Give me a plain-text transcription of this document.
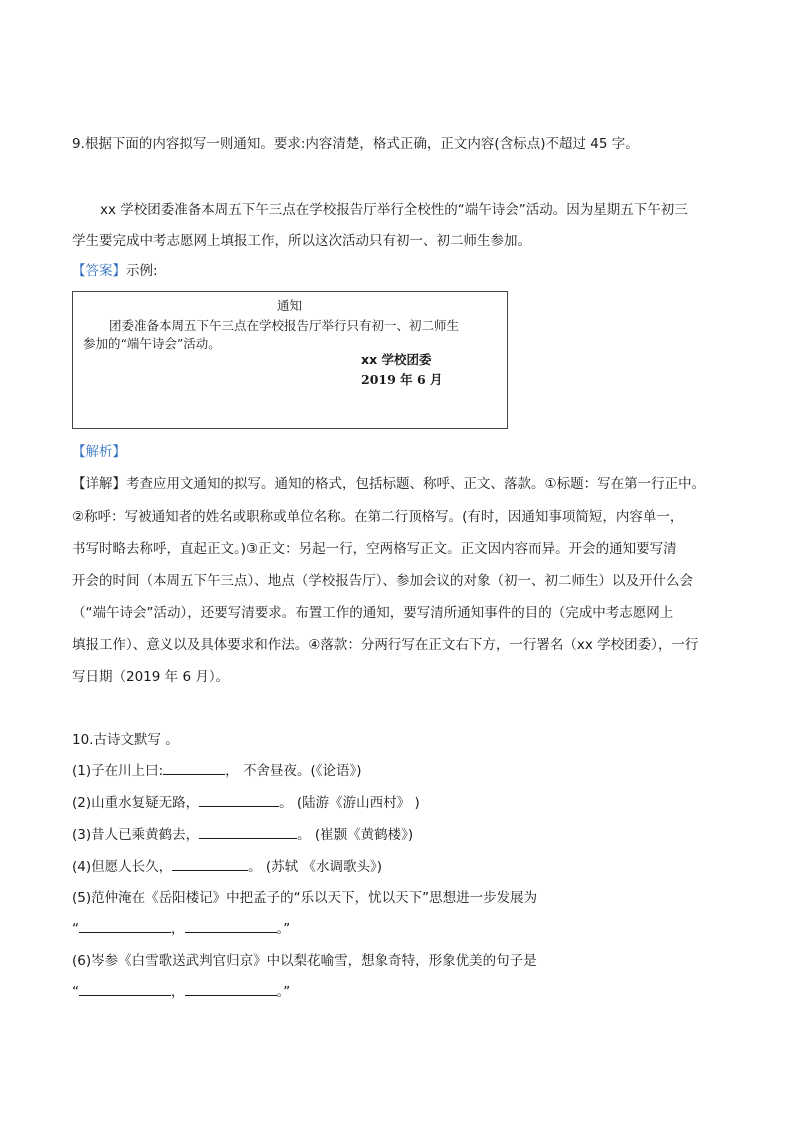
9.根据下面的内容拟写一则通知。要求:内容清楚，格式正确，正文内容(含标点)不超过 45 字。
xx 学校团委准备本周五下午三点在学校报告厅举行全校性的“端午诗会”活动。因为星期五下午初三
学生要完成中考志愿网上填报工作，所以这次活动只有初一、初二师生参加。
【答案】示例:
通知
团委准备本周五下午三点在学校报告厅举行只有初一、初二师生
参加的“端午诗会”活动。
xx 学校团委
2019 年 6 月
【解析】
【详解】考查应用文通知的拟写。通知的格式，包括标题、称呼、正文、落款。①标题：写在第一行正中。
②称呼：写被通知者的姓名或职称或单位名称。在第二行顶格写。(有时，因通知事项简短，内容单一，
书写时略去称呼，直起正文。)③正文：另起一行，空两格写正文。正文因内容而异。开会的通知要写清
开会的时间（本周五下午三点）、地点（学校报告厅）、参加会议的对象（初一、初二师生）以及开什么会
（“端午诗会”活动），还要写清要求。布置工作的通知，要写清所通知事件的目的（完成中考志愿网上
填报工作）、意义以及具体要求和作法。④落款：分两行写在正文右下方，一行署名（xx 学校团委），一行
写日期（2019 年 6 月）。
10.古诗文默写 。
(1)子在川上曰:	， 不舍昼夜。(《论语》)
(2)山重水复疑无路，	。 (陆游《游山西村》 )
(3)昔人已乘黄鹤去，	。 (崔颢《黄鹤楼》)
(4)但愿人长久，	。 (苏轼 《水调歌头》)
(5)范仲淹在《岳阳楼记》中把孟子的“乐以天下，忧以天下”思想进一步发展为
“	，	。”
(6)岑参《白雪歌送武判官归京》中以梨花喻雪，想象奇特，形象优美的句子是
“	，	。”
